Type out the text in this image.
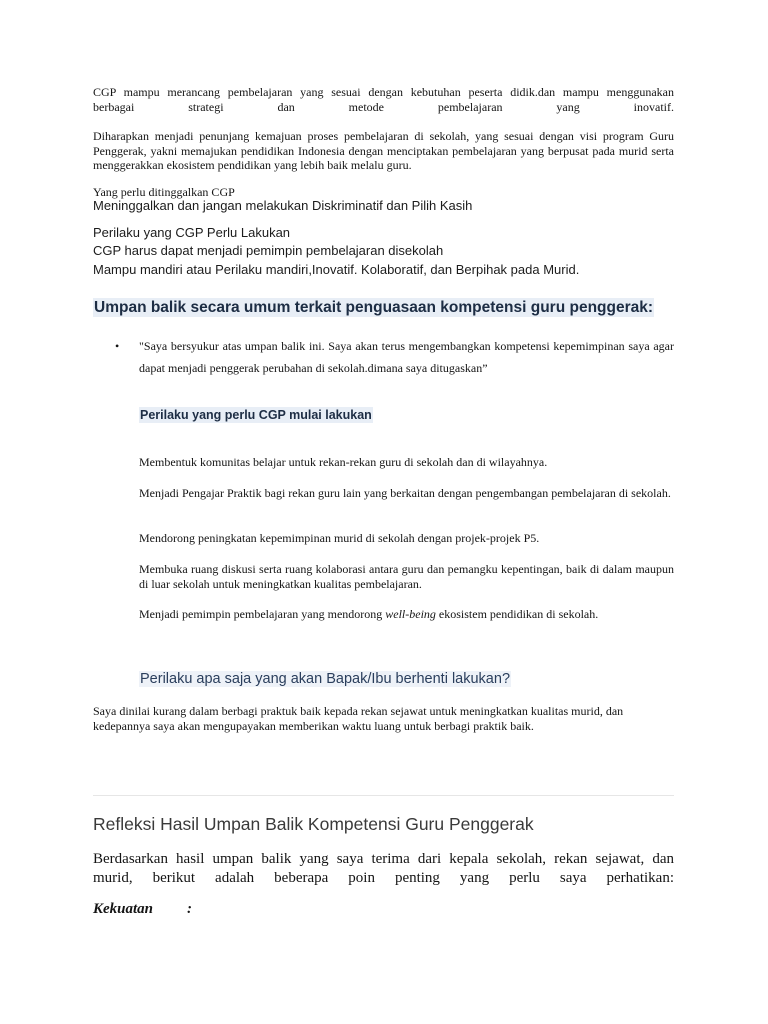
CGP mampu merancang pembelajaran yang sesuai dengan kebutuhan peserta didik.dan mampu menggunakan

berbagai strategi dan metode pembelajaran yang inovatif.

Diharapkan menjadi penunjang kemajuan proses pembelajaran di sekolah, yang sesuai dengan visi program Guru Penggerak, yakni memajukan pendidikan Indonesia dengan menciptakan pembelajaran yang berpusat pada murid serta menggerakkan ekosistem pendidikan yang lebih baik melalu guru.

Yang perlu ditinggalkan CGP

Meninggalkan dan jangan melakukan Diskriminatif dan Pilih Kasih

Perilaku yang CGP Perlu Lakukan

CGP harus dapat menjadi pemimpin pembelajaran disekolah

Mampu mandiri atau Perilaku mandiri,Inovatif. Kolaboratif, dan Berpihak pada Murid.

Umpan balik secara umum terkait penguasaan kompetensi guru penggerak:

• "Saya bersyukur atas umpan balik ini. Saya akan terus mengembangkan kompetensi kepemimpinan saya agar dapat menjadi penggerak perubahan di sekolah.dimana saya ditugaskan”

Perilaku yang perlu CGP mulai lakukan

Membentuk komunitas belajar untuk rekan-rekan guru di sekolah dan di wilayahnya.

Menjadi Pengajar Praktik bagi rekan guru lain yang berkaitan dengan pengembangan pembelajaran di sekolah.

Mendorong peningkatan kepemimpinan murid di sekolah dengan projek-projek P5.

Membuka ruang diskusi serta ruang kolaborasi antara guru dan pemangku kepentingan, baik di dalam maupun di luar sekolah untuk meningkatkan kualitas pembelajaran.

Menjadi pemimpin pembelajaran yang mendorong well-being ekosistem pendidikan di sekolah.

Perilaku apa saja yang akan Bapak/Ibu berhenti lakukan?

Saya dinilai kurang dalam berbagi praktuk baik kepada rekan sejawat untuk meningkatkan kualitas murid, dan kedepannya saya akan mengupayakan memberikan waktu luang untuk berbagi praktik baik.

Refleksi Hasil Umpan Balik Kompetensi Guru Penggerak

Berdasarkan hasil umpan balik yang saya terima dari kepala sekolah, rekan sejawat, dan

murid, berikut adalah beberapa poin penting yang perlu saya perhatikan:

Kekuatan :
